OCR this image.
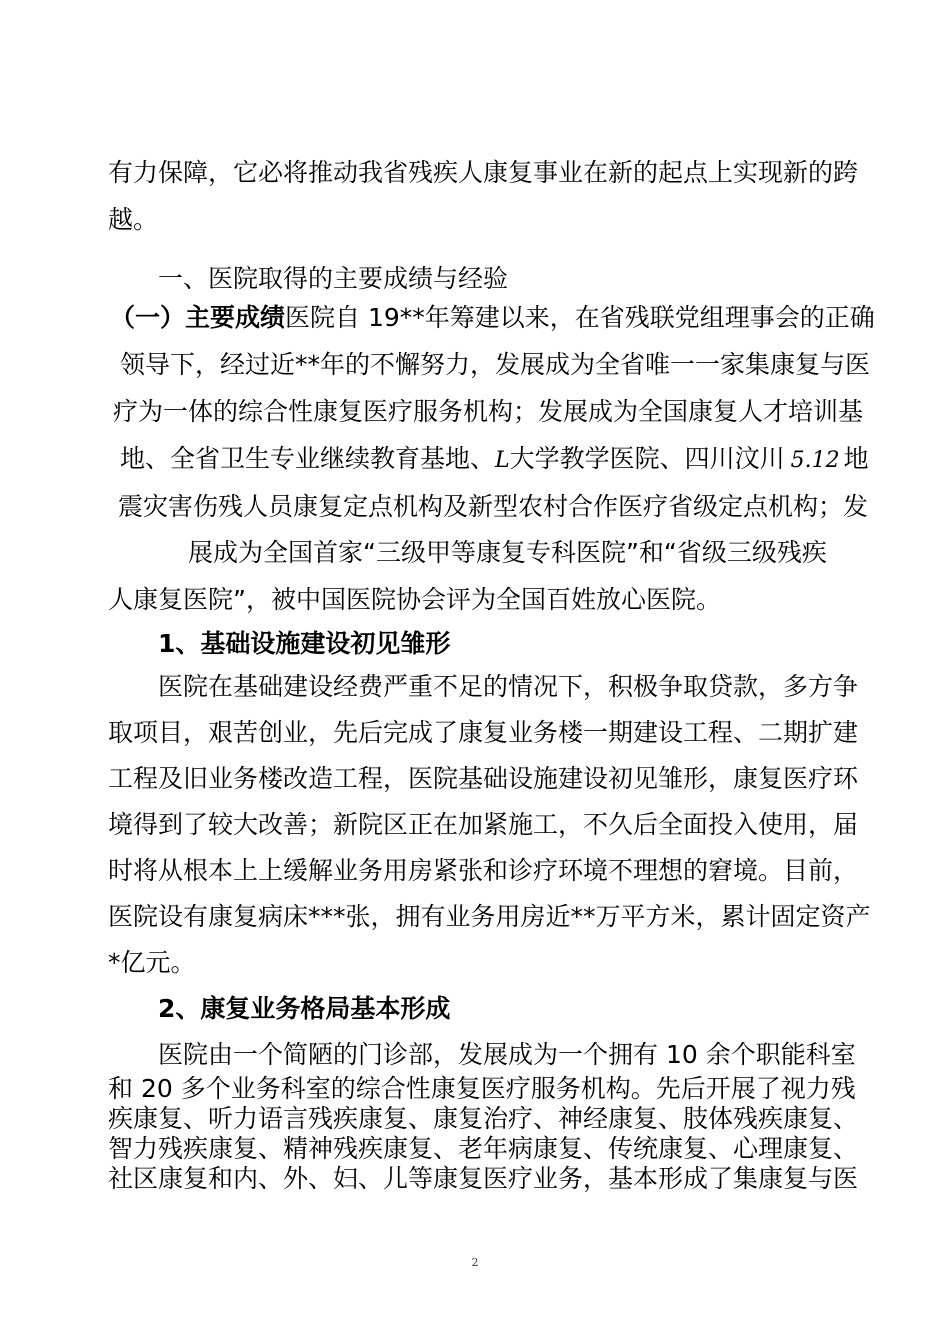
有力保障，它必将推动我省残疾人康复事业在新的起点上实现新的跨
越。
一、医院取得的主要成绩与经验
（一）主要成绩医院自 19**年筹建以来，在省残联党组理事会的正确
领导下，经过近**年的不懈努力，发展成为全省唯一一家集康复与医
疗为一体的综合性康复医疗服务机构；发展成为全国康复人才培训基
地、全省卫生专业继续教育基地、L大学教学医院、四川汶川 5.12 地
震灾害伤残人员康复定点机构及新型农村合作医疗省级定点机构；发
展成为全国首家“三级甲等康复专科医院”和“省级三级残疾
人康复医院”，被中国医院协会评为全国百姓放心医院。
1、基础设施建设初见雏形
医院在基础建设经费严重不足的情况下，积极争取贷款，多方争
取项目，艰苦创业，先后完成了康复业务楼一期建设工程、二期扩建
工程及旧业务楼改造工程，医院基础设施建设初见雏形，康复医疗环
境得到了较大改善；新院区正在加紧施工，不久后全面投入使用，届
时将从根本上上缓解业务用房紧张和诊疗环境不理想的窘境。目前，
医院设有康复病床***张，拥有业务用房近**万平方米，累计固定资产
*亿元。
2、康复业务格局基本形成
医院由一个简陋的门诊部，发展成为一个拥有 10 余个职能科室
和 20 多个业务科室的综合性康复医疗服务机构。先后开展了视力残
疾康复、听力语言残疾康复、康复治疗、神经康复、肢体残疾康复、
智力残疾康复、精神残疾康复、老年病康复、传统康复、心理康复、
社区康复和内、外、妇、儿等康复医疗业务，基本形成了集康复与医
2
